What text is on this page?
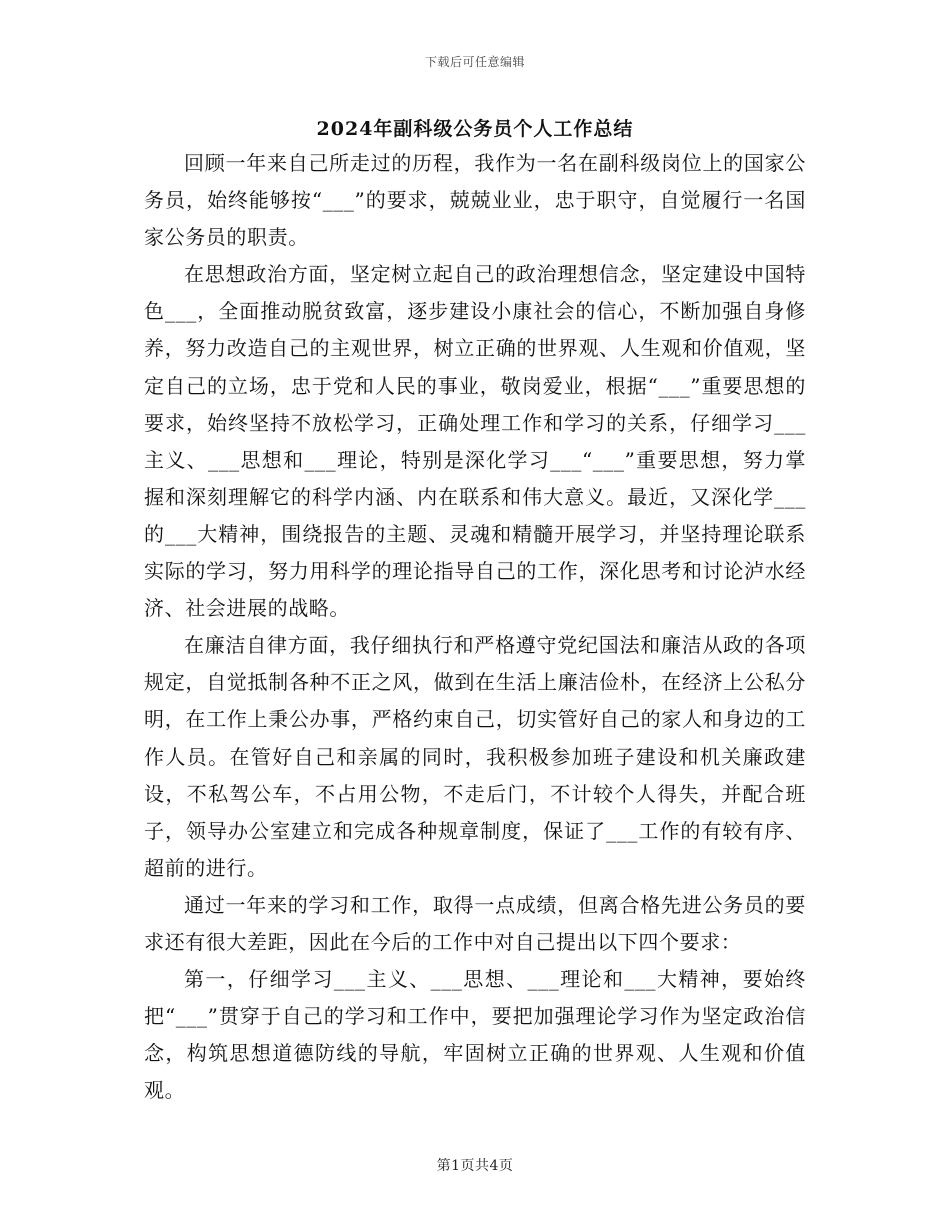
下载后可任意编辑
2024年副科级公务员个人工作总结

回顾一年来自己所走过的历程，我作为一名在副科级岗位上的国家公务员，始终能够按“___”的要求，兢兢业业，忠于职守，自觉履行一名国家公务员的职责。

在思想政治方面，坚定树立起自己的政治理想信念，坚定建设中国特色___，全面推动脱贫致富，逐步建设小康社会的信心，不断加强自身修养，努力改造自己的主观世界，树立正确的世界观、人生观和价值观，坚定自己的立场，忠于党和人民的事业，敬岗爱业，根据“___”重要思想的要求，始终坚持不放松学习，正确处理工作和学习的关系，仔细学习___主义、___思想和___理论，特别是深化学习___“___”重要思想，努力掌握和深刻理解它的科学内涵、内在联系和伟大意义。最近，又深化学___的___大精神，围绕报告的主题、灵魂和精髓开展学习，并坚持理论联系实际的学习，努力用科学的理论指导自己的工作，深化思考和讨论泸水经济、社会进展的战略。

在廉洁自律方面，我仔细执行和严格遵守党纪国法和廉洁从政的各项规定，自觉抵制各种不正之风，做到在生活上廉洁俭朴，在经济上公私分明，在工作上秉公办事，严格约束自己，切实管好自己的家人和身边的工作人员。在管好自己和亲属的同时，我积极参加班子建设和机关廉政建设，不私驾公车，不占用公物，不走后门，不计较个人得失，并配合班子，领导办公室建立和完成各种规章制度，保证了___工作的有较有序、超前的进行。

通过一年来的学习和工作，取得一点成绩，但离合格先进公务员的要求还有很大差距，因此在今后的工作中对自己提出以下四个要求：

第一，仔细学习___主义、___思想、___理论和___大精神，要始终把“___”贯穿于自己的学习和工作中，要把加强理论学习作为坚定政治信念，构筑思想道德防线的导航，牢固树立正确的世界观、人生观和价值观。

第1页共4页
